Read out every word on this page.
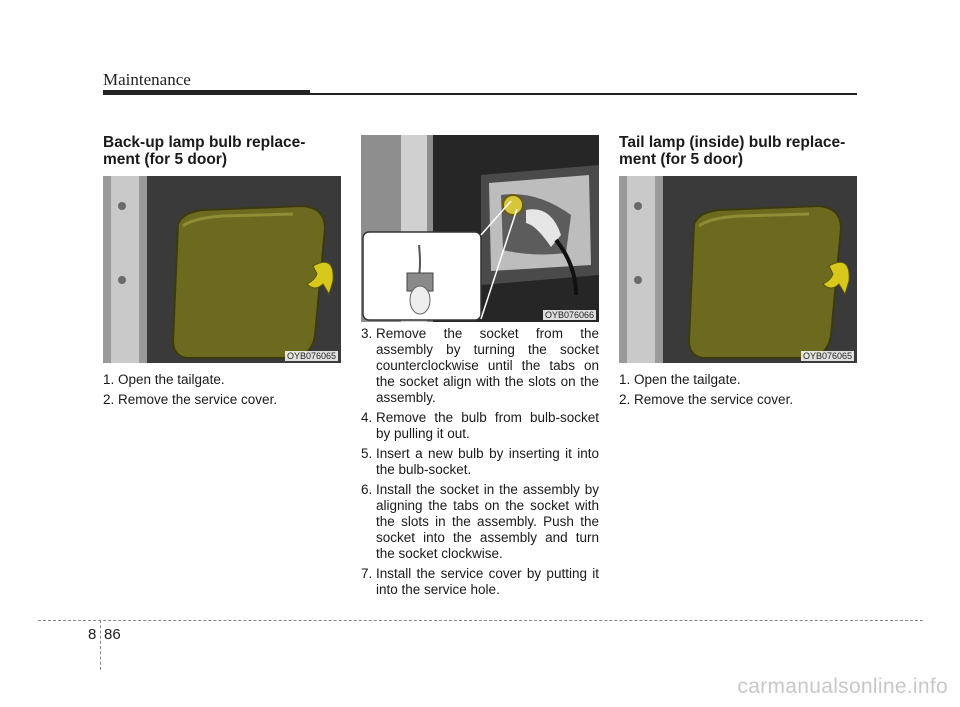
Maintenance
Back-up lamp bulb replace-
ment (for 5 door)
OYB076065
1. Open the tailgate.
2. Remove the service cover.
OYB076066
3. Remove the socket from the assembly by turning the socket counterclockwise until the tabs on the socket align with the slots on the assembly.
4. Remove the bulb from bulb-socket by pulling it out.
5. Insert a new bulb by inserting it into the bulb-socket.
6. Install the socket in the assembly by aligning the tabs on the socket with the slots in the assembly. Push the socket into the assembly and turn the socket clockwise.
7. Install the service cover by putting it into the service hole.
Tail lamp (inside) bulb replace-
ment (for 5 door)
OYB076065
1. Open the tailgate.
2. Remove the service cover.
8 86
carmanualsonline.info
